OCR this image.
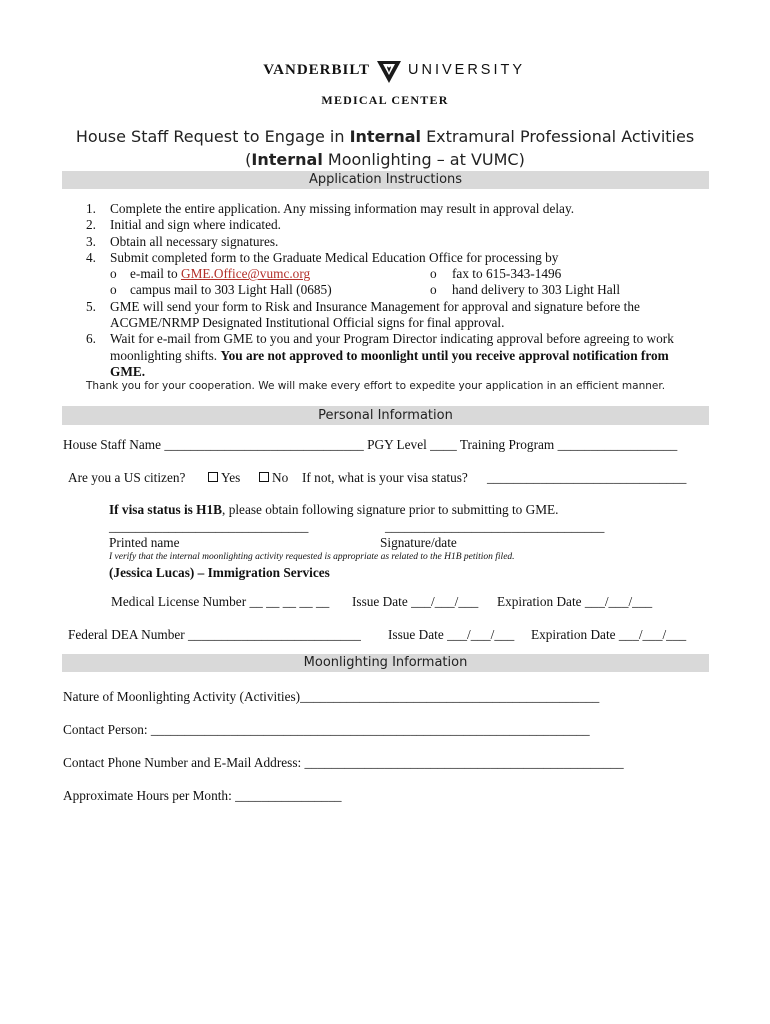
VANDERBILT	UNIVERSITY
MEDICAL CENTER
House Staff Request to Engage in Internal Extramural Professional Activities
(Internal Moonlighting – at VUMC)
Application Instructions
1. Complete the entire application. Any missing information may result in approval delay.
2. Initial and sign where indicated.
3. Obtain all necessary signatures.
4. Submit completed form to the Graduate Medical Education Office for processing by
o e-mail to GME.Office@vumc.org	o fax to 615-343-1496
o campus mail to 303 Light Hall (0685)	o hand delivery to 303 Light Hall
5. GME will send your form to Risk and Insurance Management for approval and signature before the
ACGME/NRMP Designated Institutional Official signs for final approval.
6. Wait for e-mail from GME to you and your Program Director indicating approval before agreeing to work
moonlighting shifts. You are not approved to moonlight until you receive approval notification from
GME.
Thank you for your cooperation. We will make every effort to expedite your application in an efficient manner.
Personal Information
House Staff Name ______________________________ PGY Level ____ Training Program __________________
Are you a US citizen?	Yes	No If not, what is your visa status? ______________________________
If visa status is H1B, please obtain following signature prior to submitting to GME.
______________________________	_________________________________
Printed name	Signature/date
I verify that the internal moonlighting activity requested is appropriate as related to the H1B petition filed.
(Jessica Lucas) – Immigration Services
Medical License Number __ __ __ __ __ Issue Date ___/___/___ Expiration Date ___/___/___
Federal DEA Number __________________________ Issue Date ___/___/___ Expiration Date ___/___/___
Moonlighting Information
Nature of Moonlighting Activity (Activities)_____________________________________________
Contact Person: __________________________________________________________________
Contact Phone Number and E-Mail Address: ________________________________________________
Approximate Hours per Month: ________________
